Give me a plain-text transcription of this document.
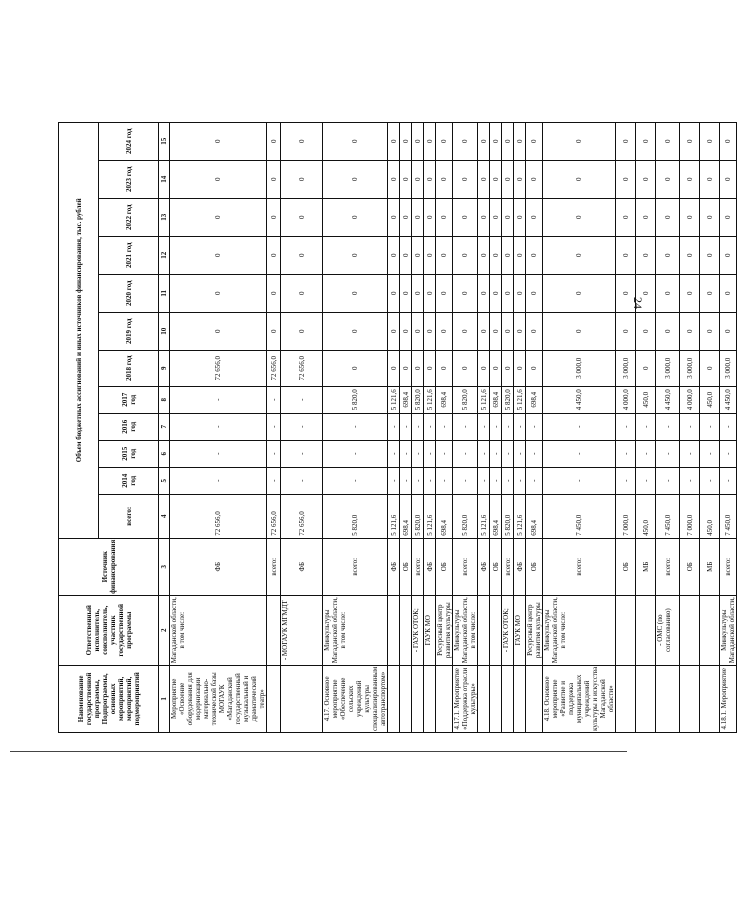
Наименование государственной программы, Подпрограммы, основных мероприятий, мероприятий, подмероприятий	Ответственный исполнитель, соисполнитель, участник государственной программы	Источник финансирования	Объем бюджетных ассигнований и иных источников финансирования, тыс. рублей											
			всего:	2014 год	2015 год	2016 год	2017 год	2018 год	2019 год	2020 год	2021 год	2022 год	2023 год	2024 год

1	2	3	4	5	6	7	8	9	10	11	12	13	14	15
Мероприятие «Освоение оборудования для модернизации материально-технической базы МОГАУК «Магаданский государственный музыкальный и драматический театр»	Магаданской области, в том числе:	ФБ	72 656,0	-	-	-	-	72 656,0	0	0	0	0	0	0
		всего:	72 656,0	-	-	-	-	72 656,0	0	0	0	0	0	0
	- МОГАУК МГМДТ	ФБ	72 656,0	-	-	-	-	72 656,0	0	0	0	0	0	0
4.17. Основное мероприятие «Обеспечение сельских учреждений культуры специализированным автотранспортом»	Минкультуры Магаданской области, в том числе:	всего:	5 820,0	-	-	-	5 820,0	0	0	0	0	0	0	0
		ФБ	5 121,6	-	-	-	5 121,6	0	0	0	0	0	0	0
		ОБ	698,4	-	-	-	698,4	0	0	0	0	0	0	0
	- ГАУК ОТОК;	всего:	5 820,0	-	-	-	5 820,0	0	0	0	0	0	0	0
	ГАУК МО	ФБ	5 121,6	-	-	-	5 121,6	0	0	0	0	0	0	0
	Ресурсный центр развития культуры	ОБ	698,4	-	-	-	698,4	0	0	0	0	0	0	0
4.17.1. Мероприятие «Поддержка отрасли культуры»	Минкультуры Магаданской области, в том числе:	всего:	5 820,0	-	-	-	5 820,0	0	0	0	0	0	0	0
		ФБ	5 121,6	-	-	-	5 121,6	0	0	0	0	0	0	0
		ОБ	698,4	-	-	-	698,4	0	0	0	0	0	0	0
	- ГАУК ОТОК;	всего:	5 820,0	-	-	-	5 820,0	0	0	0	0	0	0	0
	ГАУК МО	ФБ	5 121,6	-	-	-	5 121,6	0	0	0	0	0	0	0
	Ресурсный центр развития культуры	ОБ	698,4	-	-	-	698,4	0	0	0	0	0	0	0
4.18. Основное мероприятие «Развитие и поддержка муниципальных учреждений культуры и искусства Магаданской области»	Минкультуры Магаданской области, в том числе:	всего:	7 450,0	-	-	-	4 450,0	3 000,0	0	0	0	0	0	0
		ОБ	7 000,0	-	-	-	4 000,0	3 000,0	0	0	0	0	0	0
		МБ	450,0	-	-	-	450,0	0	0	0	0	0	0	0
	- ОМС (по согласованию)	всего:	7 450,0	-	-	-	4 450,0	3 000,0	0	0	0	0	0	0
		ОБ	7 000,0	-	-	-	4 000,0	3 000,0	0	0	0	0	0	0
		МБ	450,0	-	-	-	450,0	0	0	0	0	0	0	0
4.18.1. Мероприятие	Минкультуры Магаданской области,	всего:	7 450,0	-	-	-	4 450,0	3 000,0	0	0	0	0	0	0
24
